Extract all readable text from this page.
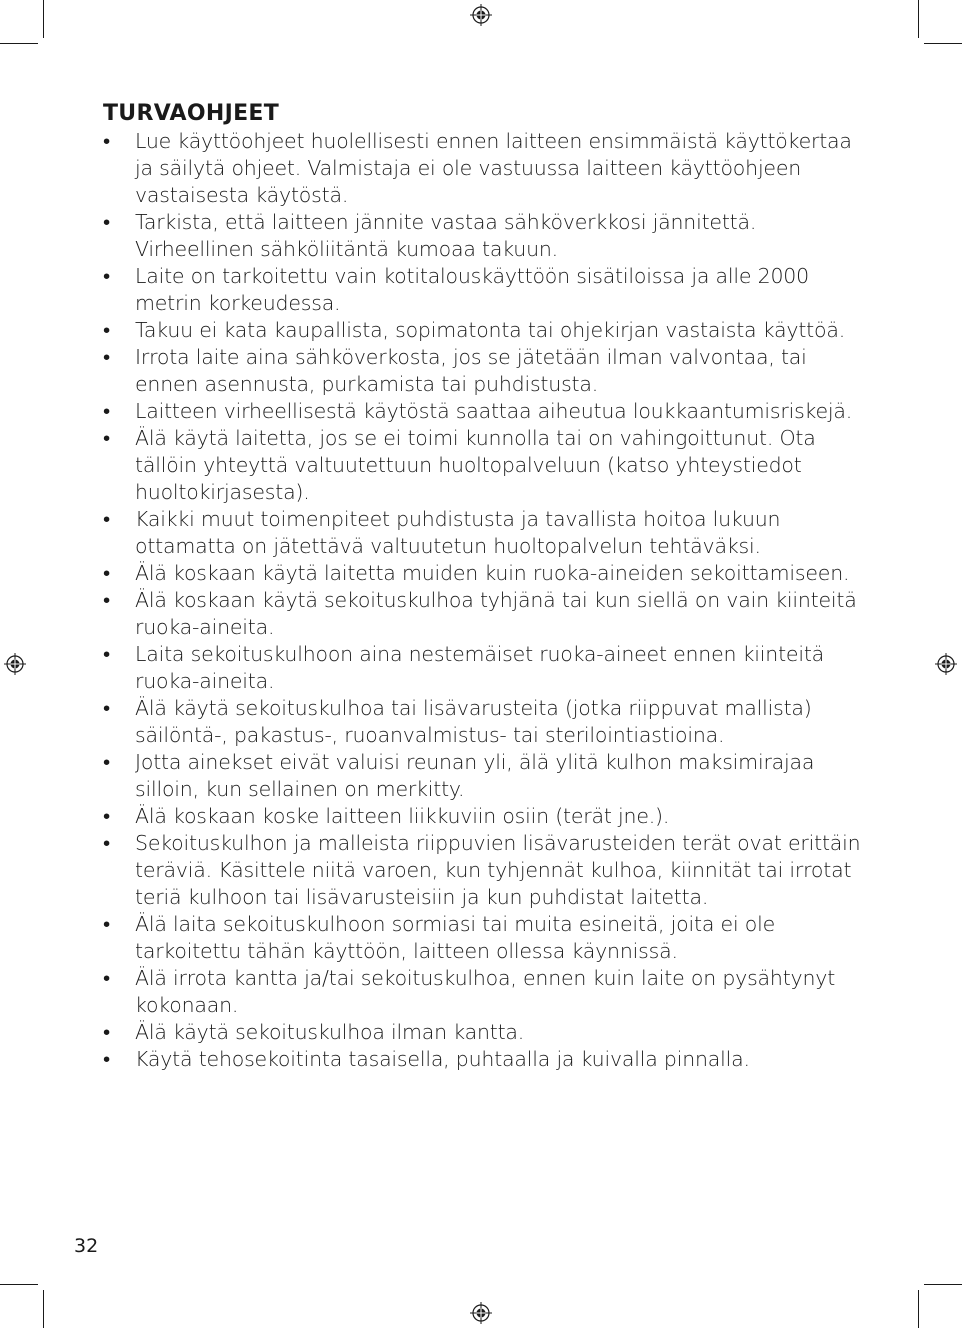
TURVAOHJEET
• Lue käyttöohjeet huolellisesti ennen laitteen ensimmäistä käyttökertaa ja säilytä ohjeet. Valmistaja ei ole vastuussa laitteen käyttöohjeen vastaisesta käytöstä.
• Tarkista, että laitteen jännite vastaa sähköverkkosi jännitettä. Virheellinen sähköliitäntä kumoaa takuun.
• Laite on tarkoitettu vain kotitalouskäyttöön sisätiloissa ja alle 2000 metrin korkeudessa.
• Takuu ei kata kaupallista, sopimatonta tai ohjekirjan vastaista käyttöä.
• Irrota laite aina sähköverkosta, jos se jätetään ilman valvontaa, tai ennen asennusta, purkamista tai puhdistusta.
• Laitteen virheellisestä käytöstä saattaa aiheutua loukkaantumisriskejä.
• Älä käytä laitetta, jos se ei toimi kunnolla tai on vahingoittunut. Ota tällöin yhteyttä valtuutettuun huoltopalveluun (katso yhteystiedot huoltokirjasesta).
• Kaikki muut toimenpiteet puhdistusta ja tavallista hoitoa lukuun ottamatta on jätettävä valtuutetun huoltopalvelun tehtäväksi.
• Älä koskaan käytä laitetta muiden kuin ruoka-aineiden sekoittamiseen.
• Älä koskaan käytä sekoituskulhoa tyhjänä tai kun siellä on vain kiinteitä ruoka-aineita.
• Laita sekoituskulhoon aina nestemäiset ruoka-aineet ennen kiinteitä ruoka-aineita.
• Älä käytä sekoituskulhoa tai lisävarusteita (jotka riippuvat mallista) säilöntä-, pakastus-, ruoanvalmistus- tai sterilointiastioina.
• Jotta ainekset eivät valuisi reunan yli, älä ylitä kulhon maksimirajaa silloin, kun sellainen on merkitty.
• Älä koskaan koske laitteen liikkuviin osiin (terät jne.).
• Sekoituskulhon ja malleista riippuvien lisävarusteiden terät ovat erittäin teräviä. Käsittele niitä varoen, kun tyhjennät kulhoa, kiinnität tai irrotat teriä kulhoon tai lisävarusteisiin ja kun puhdistat laitetta.
• Älä laita sekoituskulhoon sormiasi tai muita esineitä, joita ei ole tarkoitettu tähän käyttöön, laitteen ollessa käynnissä.
• Älä irrota kantta ja/tai sekoituskulhoa, ennen kuin laite on pysähtynyt kokonaan.
• Älä käytä sekoituskulhoa ilman kantta.
• Käytä tehosekoitinta tasaisella, puhtaalla ja kuivalla pinnalla.
32
